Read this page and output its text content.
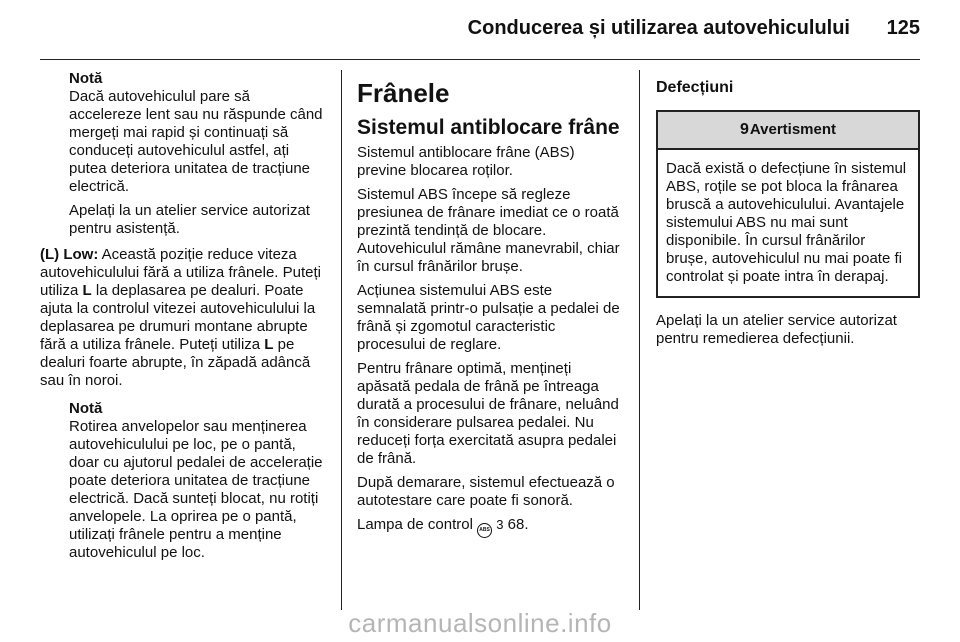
Conducerea și utilizarea autovehiculului 125
Notă
Dacă autovehiculul pare să accelereze lent sau nu răspunde când mergeți mai rapid și continuați să conduceți autovehiculul astfel, ați putea deteriora unitatea de tracțiune electrică.
Apelați la un atelier service autorizat pentru asistență.

(L) Low: Această poziție reduce viteza autovehiculului fără a utiliza frânele. Puteți utiliza L la deplasarea pe dealuri. Poate ajuta la controlul vitezei autovehiculului la deplasarea pe drumuri montane abrupte fără a utiliza frânele. Puteți utiliza L pe dealuri foarte abrupte, în zăpadă adâncă sau în noroi.

Notă
Rotirea anvelopelor sau menținerea autovehiculului pe loc, pe o pantă, doar cu ajutorul pedalei de accelerație poate deteriora unitatea de tracțiune electrică. Dacă sunteți blocat, nu rotiți anvelopele. La oprirea pe o pantă, utilizați frânele pentru a menține autovehiculul pe loc.
Frânele
Sistemul antiblocare frâne

Sistemul antiblocare frâne (ABS) previne blocarea roților.

Sistemul ABS începe să regleze presiunea de frânare imediat ce o roată prezintă tendință de blocare. Autovehiculul rămâne manevrabil, chiar în cursul frânărilor brușe.

Acțiunea sistemului ABS este semnalată printr-o pulsație a pedalei de frână și zgomotul caracteristic procesului de reglare.

Pentru frânare optimă, mențineți apăsată pedala de frână pe întreaga durată a procesului de frânare, neluând în considerare pulsarea pedalei. Nu reduceți forța exercitată asupra pedalei de frână.

După demarare, sistemul efectuează o autotestare care poate fi sonoră.

Lampa de control ABS 3 68.

Defecțiuni
9Avertisment
Dacă există o defecțiune în sistemul ABS, roțile se pot bloca la frânarea bruscă a autovehiculului. Avantajele sistemului ABS nu mai sunt disponibile. În cursul frânărilor brușe, autovehiculul nu mai poate fi controlat și poate intra în derapaj.

Apelați la un atelier service autorizat pentru remedierea defecțiunii.

carmanualsonline.info
